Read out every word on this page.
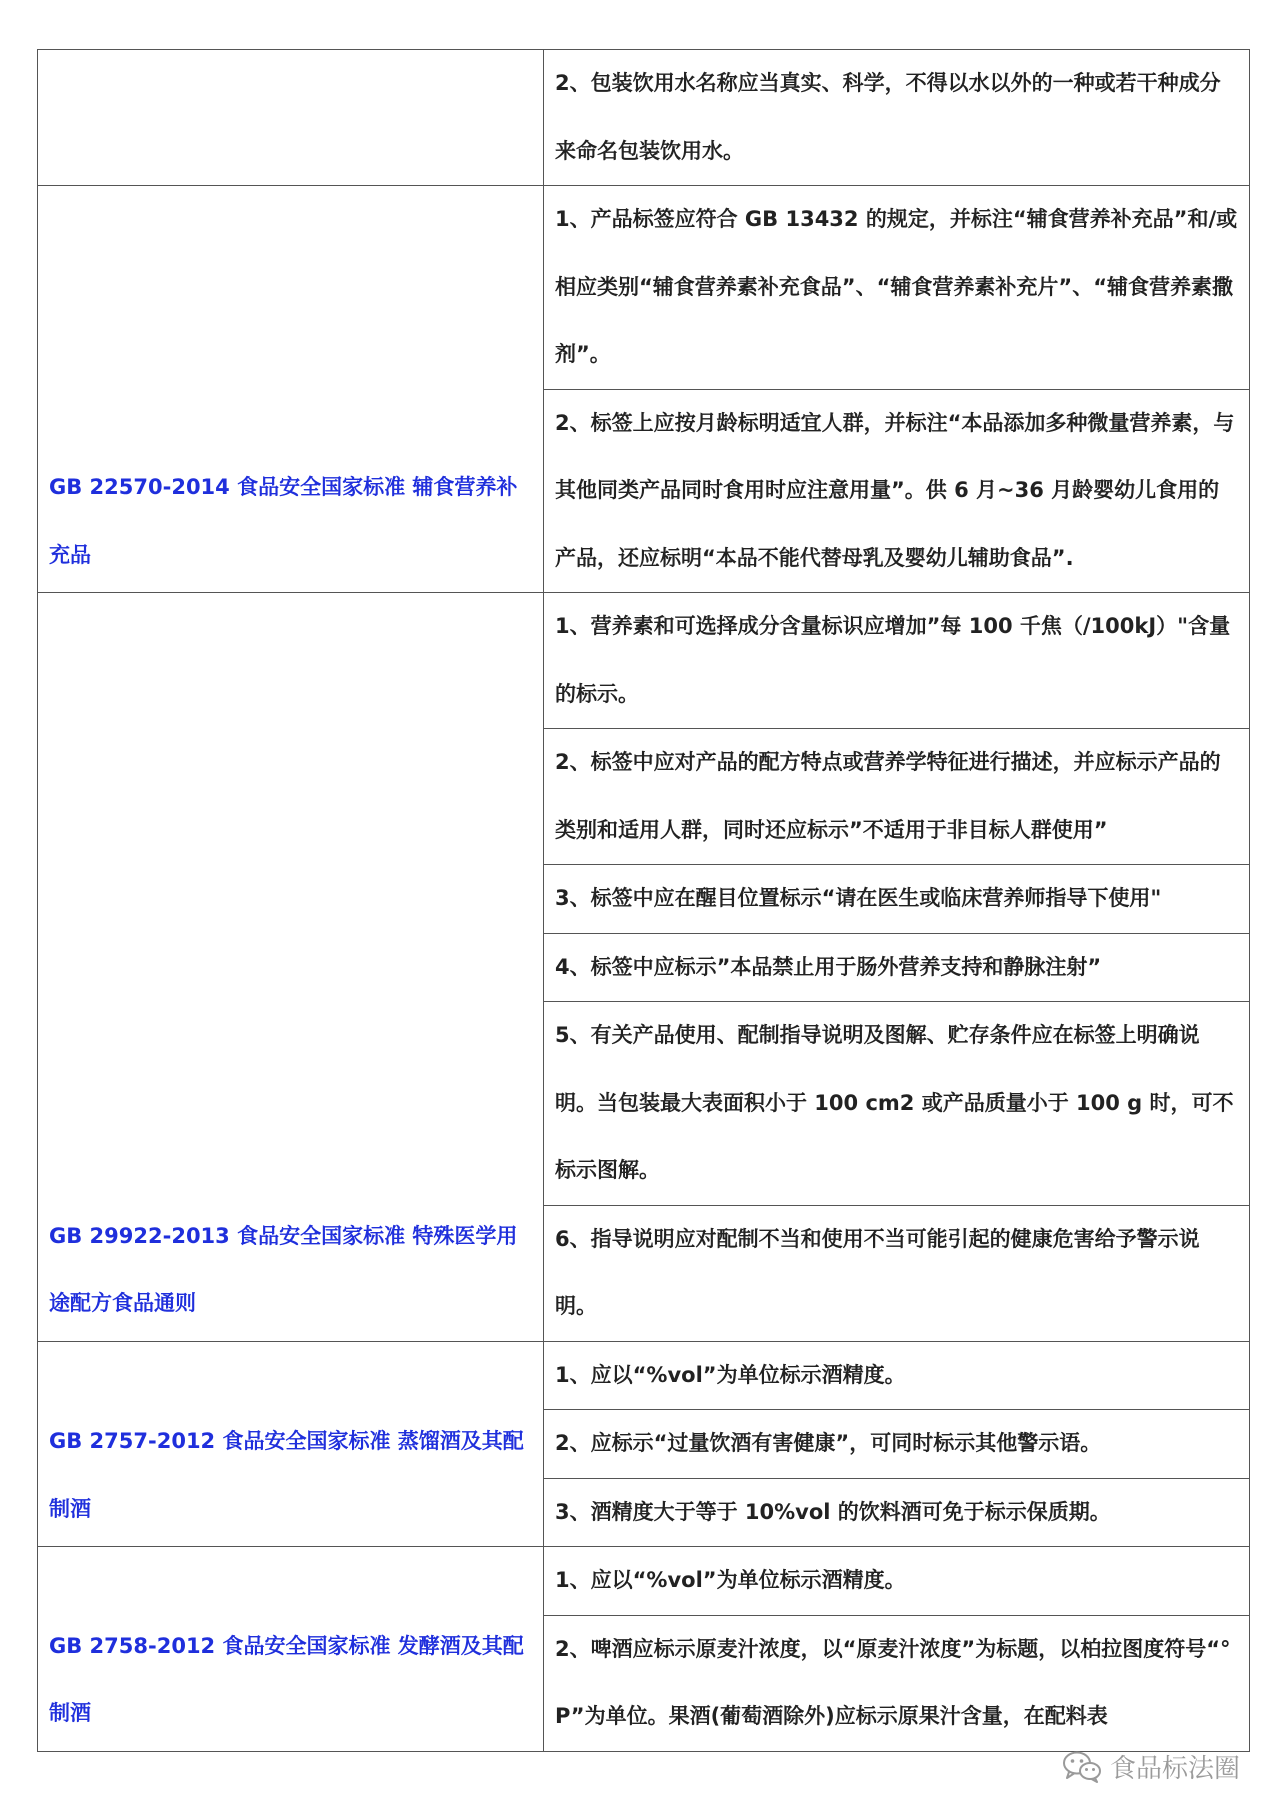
	2、包装饮用水名称应当真实、科学，不得以水以外的一种或若干种成分来命名包装饮用水。
GB 22570-2014 食品安全国家标准 辅食营养补充品	1、产品标签应符合 GB 13432 的规定，并标注“辅食营养补充品”和/或相应类别“辅食营养素补充食品”、“辅食营养素补充片”、“辅食营养素撒剂”。
	2、标签上应按月龄标明适宜人群，并标注“本品添加多种微量营养素，与其他同类产品同时食用时应注意用量”。供 6 月~36 月龄婴幼儿食用的产品，还应标明“本品不能代替母乳及婴幼儿辅助食品”.
GB 29922-2013 食品安全国家标准 特殊医学用途配方食品通则	1、营养素和可选择成分含量标识应增加”每 100 千焦（/100kJ）"含量的标示。
	2、标签中应对产品的配方特点或营养学特征进行描述，并应标示产品的类别和适用人群，同时还应标示”不适用于非目标人群使用”
	3、标签中应在醒目位置标示“请在医生或临床营养师指导下使用"
	4、标签中应标示”本品禁止用于肠外营养支持和静脉注射”
	5、有关产品使用、配制指导说明及图解、贮存条件应在标签上明确说明。当包装最大表面积小于 100 cm2 或产品质量小于 100 g 时，可不标示图解。
	6、指导说明应对配制不当和使用不当可能引起的健康危害给予警示说明。
GB 2757-2012 食品安全国家标准 蒸馏酒及其配制酒	1、应以“%vol”为单位标示酒精度。
	2、应标示“过量饮酒有害健康”，可同时标示其他警示语。
	3、酒精度大于等于 10%vol 的饮料酒可免于标示保质期。
GB 2758-2012 食品安全国家标准 发酵酒及其配制酒	1、应以“%vol”为单位标示酒精度。
	2、啤酒应标示原麦汁浓度，以“原麦汁浓度”为标题，以柏拉图度符号“°P”为单位。果酒(葡萄酒除外)应标示原果汁含量，在配料表
食品标法圈
